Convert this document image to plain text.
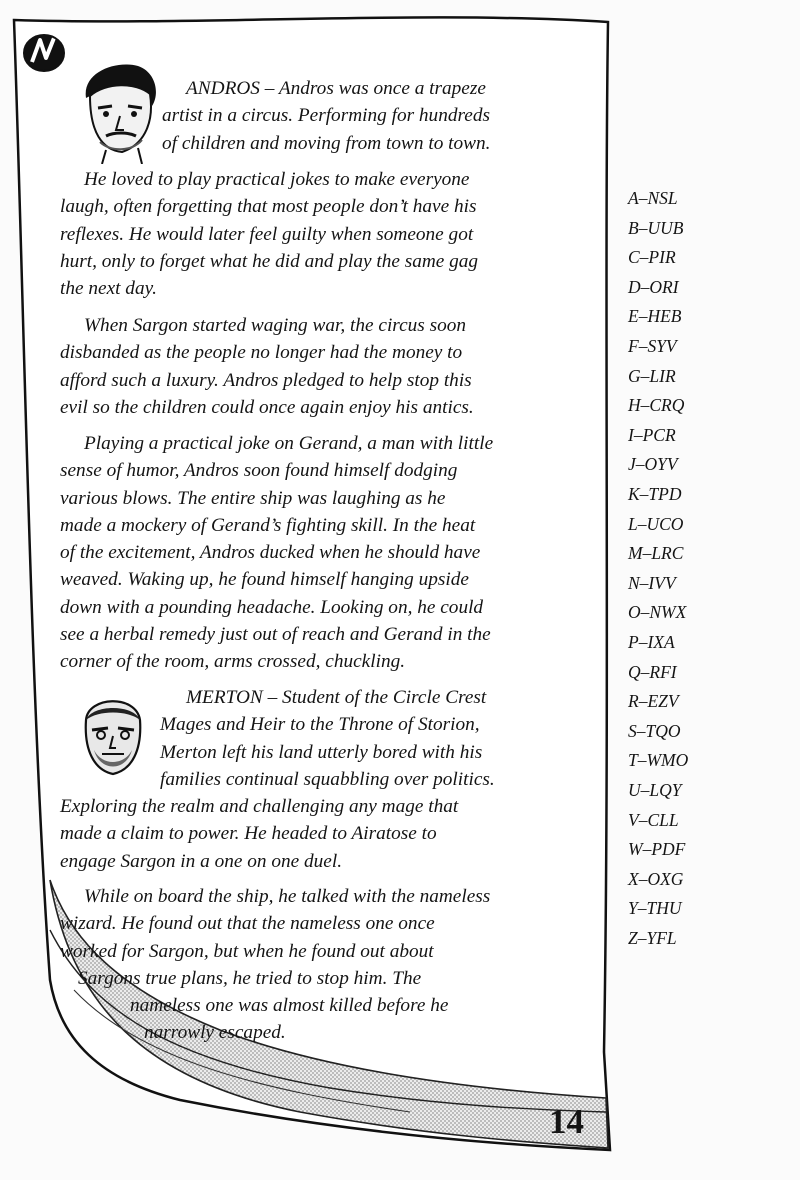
ANDROS – Andros was once a trapeze
artist in a circus. Performing for hundreds
of children and moving from town to town.

He loved to play practical jokes to make everyone
laugh, often forgetting that most people don’t have his
reflexes. He would later feel guilty when someone got
hurt, only to forget what he did and play the same gag
the next day.

When Sargon started waging war, the circus soon
disbanded as the people no longer had the money to
afford such a luxury. Andros pledged to help stop this
evil so the children could once again enjoy his antics.

Playing a practical joke on Gerand, a man with little
sense of humor, Andros soon found himself dodging
various blows. The entire ship was laughing as he
made a mockery of Gerand’s fighting skill. In the heat
of the excitement, Andros ducked when he should have
weaved. Waking up, he found himself hanging upside
down with a pounding headache. Looking on, he could
see a herbal remedy just out of reach and Gerand in the
corner of the room, arms crossed, chuckling.

MERTON – Student of the Circle Crest
Mages and Heir to the Throne of Storion,
Merton left his land utterly bored with his
families continual squabbling over politics.

Exploring the realm and challenging any mage that
made a claim to power. He headed to Airatose to
engage Sargon in a one on one duel.

While on board the ship, he talked with the nameless
wizard. He found out that the nameless one once
worked for Sargon, but when he found out about
Sargons true plans, he tried to stop him. The
nameless one was almost killed before he
narrowly escaped.

14
A–NSL
B–UUB
C–PIR
D–ORI
E–HEB
F–SYV
G–LIR
H–CRQ
I–PCR
J–OYV
K–TPD
L–UCO
M–LRC
N–IVV
O–NWX
P–IXA
Q–RFI
R–EZV
S–TQO
T–WMO
U–LQY
V–CLL
W–PDF
X–OXG
Y–THU
Z–YFL
